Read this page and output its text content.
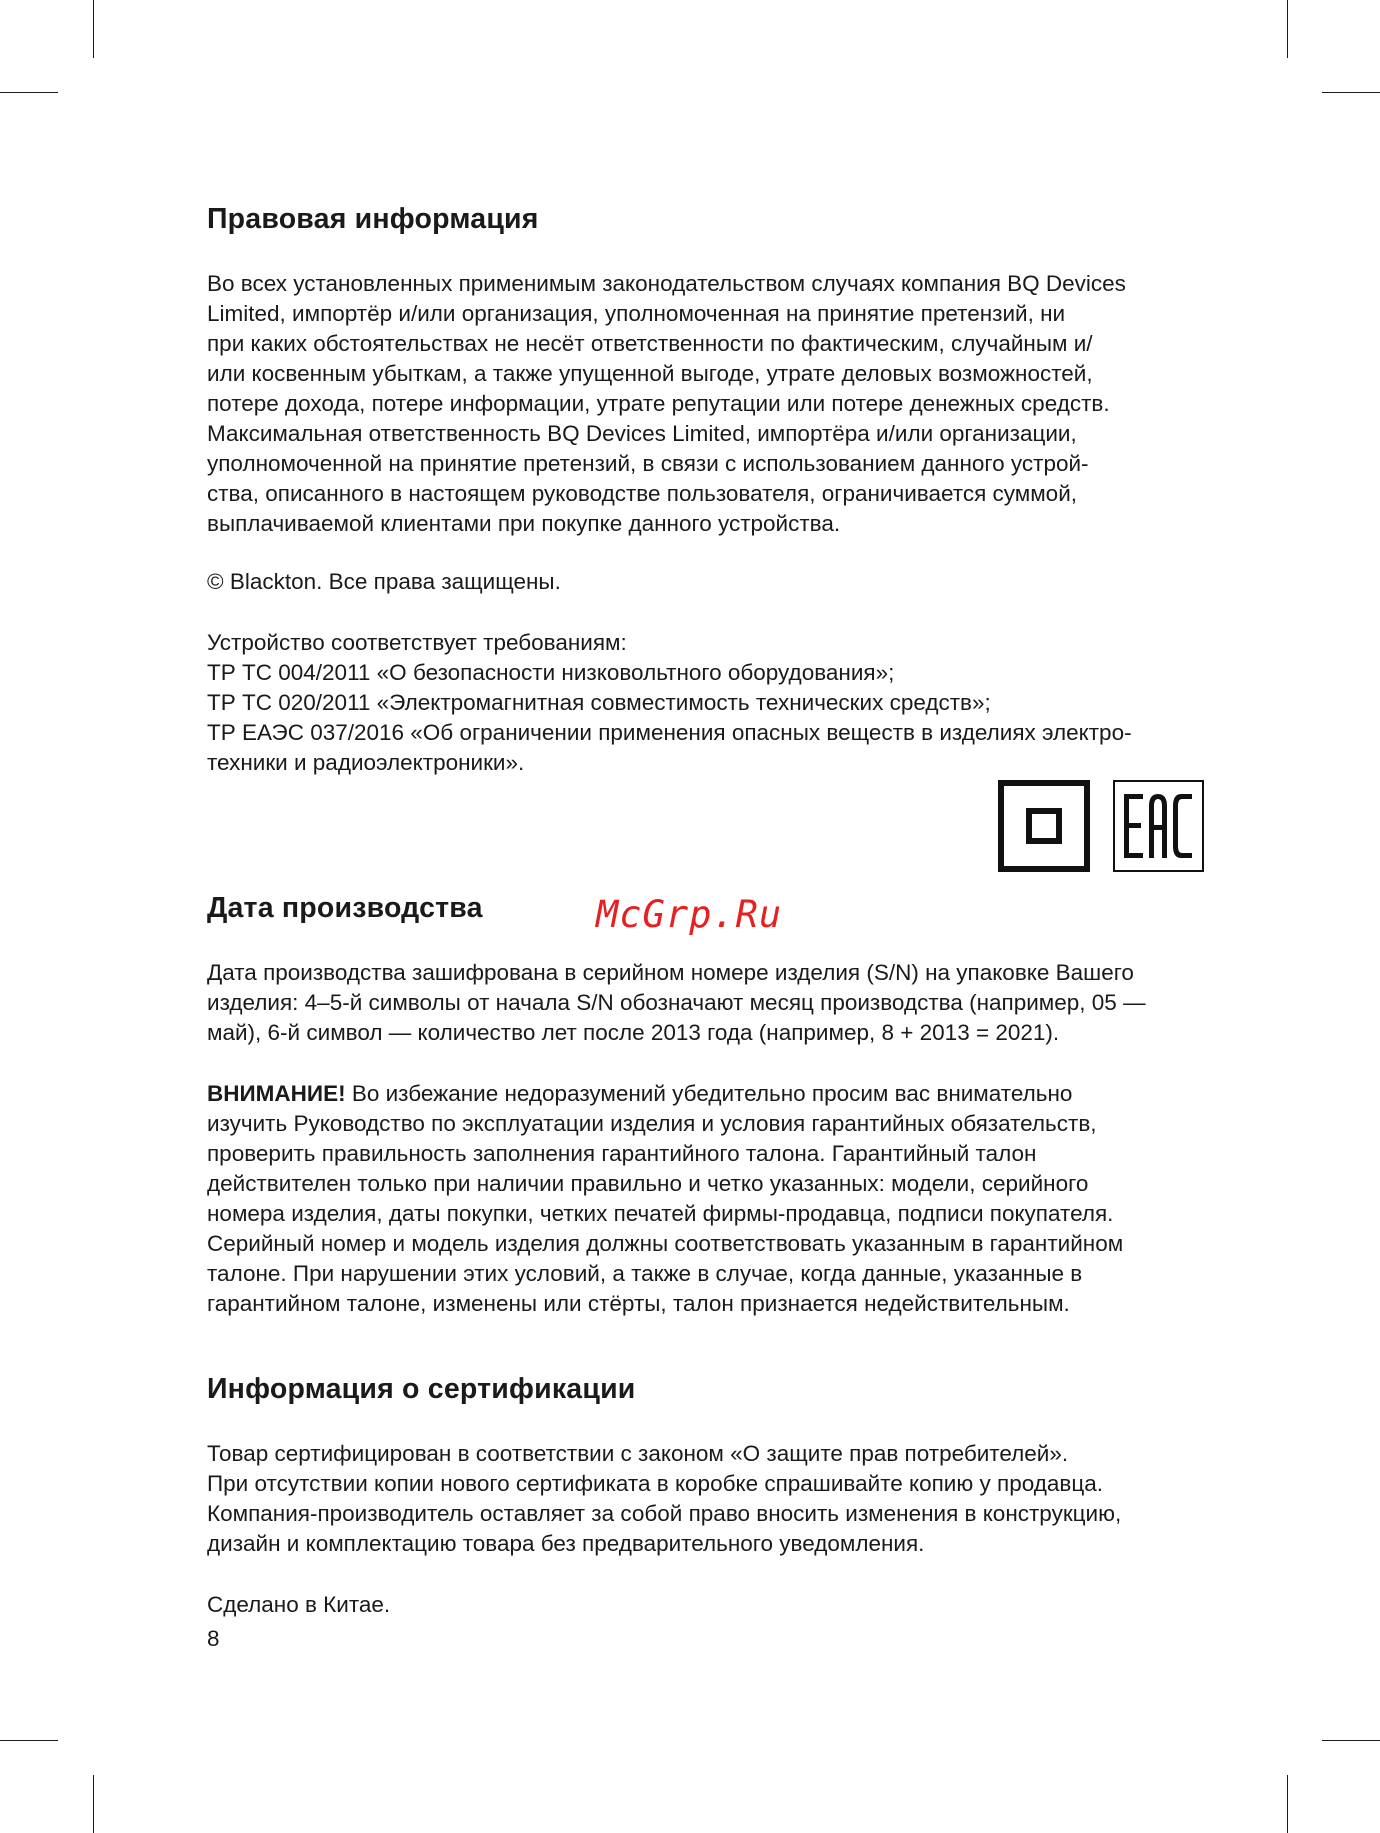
Правовая информация
Во всех установленных применимым законодательством случаях компания BQ Devices
Limited, импортёр и/или организация, уполномоченная на принятие претензий, ни
при каких обстоятельствах не несёт ответственности по фактическим, случайным и/
или косвенным убыткам, а также упущенной выгоде, утрате деловых возможностей,
потере дохода, потере информации, утрате репутации или потере денежных средств.
Максимальная ответственность BQ Devices Limited, импортёра и/или организации,
уполномоченной на принятие претензий, в связи с использованием данного устрой-
ства, описанного в настоящем руководстве пользователя, ограничивается суммой,
выплачиваемой клиентами при покупке данного устройства.
© Blackton. Все права защищены.
Устройство соответствует требованиям:
ТР ТС 004/2011 «О безопасности низковольтного оборудования»;
ТР ТС 020/2011 «Электромагнитная совместимость технических средств»;
ТР ЕАЭС 037/2016 «Об ограничении применения опасных веществ в изделиях электро-
техники и радиоэлектроники».
Дата производства
Дата производства зашифрована в серийном номере изделия (S/N) на упаковке Вашего
изделия: 4–5-й символы от начала S/N обозначают месяц производства (например, 05 —
май), 6-й символ — количество лет после 2013 года (например, 8 + 2013 = 2021).
ВНИМАНИЕ! Во избежание недоразумений убедительно просим вас внимательно
изучить Руководство по эксплуатации изделия и условия гарантийных обязательств,
проверить правильность заполнения гарантийного талона. Гарантийный талон
действителен только при наличии правильно и четко указанных: модели, серийного
номера изделия, даты покупки, четких печатей фирмы-продавца, подписи покупателя.
Серийный номер и модель изделия должны соответствовать указанным в гарантийном
талоне. При нарушении этих условий, а также в случае, когда данные, указанные в
гарантийном талоне, изменены или стёрты, талон признается недействительным.
Информация о сертификации
Товар сертифицирован в соответствии с законом «О защите прав потребителей».
При отсутствии копии нового сертификата в коробке спрашивайте копию у продавца.
Компания-производитель оставляет за собой право вносить изменения в конструкцию,
дизайн и комплектацию товара без предварительного уведомления.
Сделано в Китае.
McGrp.Ru
8
